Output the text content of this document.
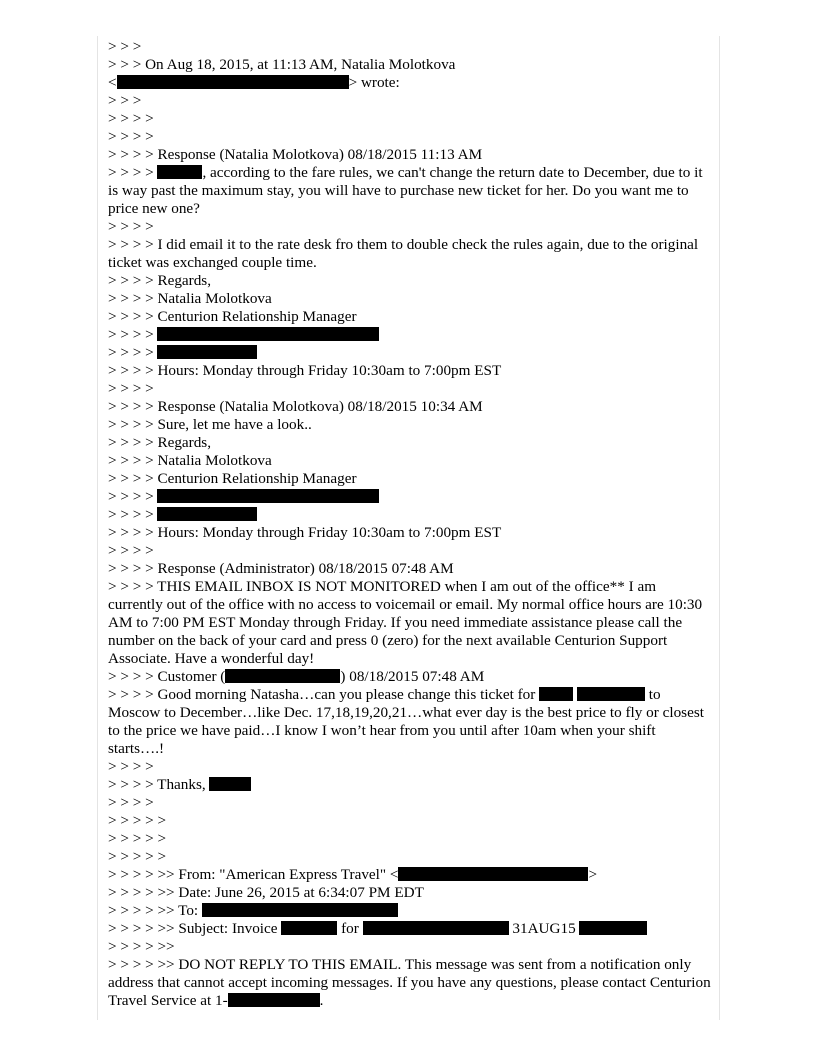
> > >
> > > On Aug 18, 2015, at 11:13 AM, Natalia Molotkova
<	> wrote:
> > >
> > > >
> > > >
> > > > Response (Natalia Molotkova) 08/18/2015 11:13 AM
> > > >	, according to the fare rules, we can't change the return date to December, due to it is way past the maximum stay, you will have to purchase new ticket for her. Do you want me to price new one?
> > > >
> > > > I did email it to the rate desk fro them to double check the rules again, due to the original ticket was exchanged couple time.
> > > > Regards,
> > > > Natalia Molotkova
> > > > Centurion Relationship Manager
> > > >
> > > >
> > > > Hours: Monday through Friday 10:30am to 7:00pm EST
> > > >
> > > > Response (Natalia Molotkova) 08/18/2015 10:34 AM
> > > > Sure, let me have a look..
> > > > Regards,
> > > > Natalia Molotkova
> > > > Centurion Relationship Manager
> > > >
> > > >
> > > > Hours: Monday through Friday 10:30am to 7:00pm EST
> > > >
> > > > Response (Administrator) 08/18/2015 07:48 AM
> > > > THIS EMAIL INBOX IS NOT MONITORED when I am out of the office** I am currently out of the office with no access to voicemail or email. My normal office hours are 10:30 AM to 7:00 PM EST Monday through Friday. If you need immediate assistance please call the number on the back of your card and press 0 (zero) for the next available Centurion Support Associate. Have a wonderful day!
> > > > Customer (	) 08/18/2015 07:48 AM
> > > > Good morning Natasha…can you please change this ticket for	to Moscow to December…like Dec. 17,18,19,20,21…what ever day is the best price to fly or closest to the price we have paid…I know I won’t hear from you until after 10am when your shift starts….!
> > > >
> > > > Thanks,
> > > >
> > > > >
> > > > >
> > > > >
> > > > >> From: "American Express Travel" <	>
> > > > >> Date: June 26, 2015 at 6:34:07 PM EDT
> > > > >> To:
> > > > >> Subject: Invoice	for	31AUG15
> > > > >>
> > > > >> DO NOT REPLY TO THIS EMAIL. This message was sent from a notification only address that cannot accept incoming messages. If you have any questions, please contact Centurion Travel Service at 1-	.
